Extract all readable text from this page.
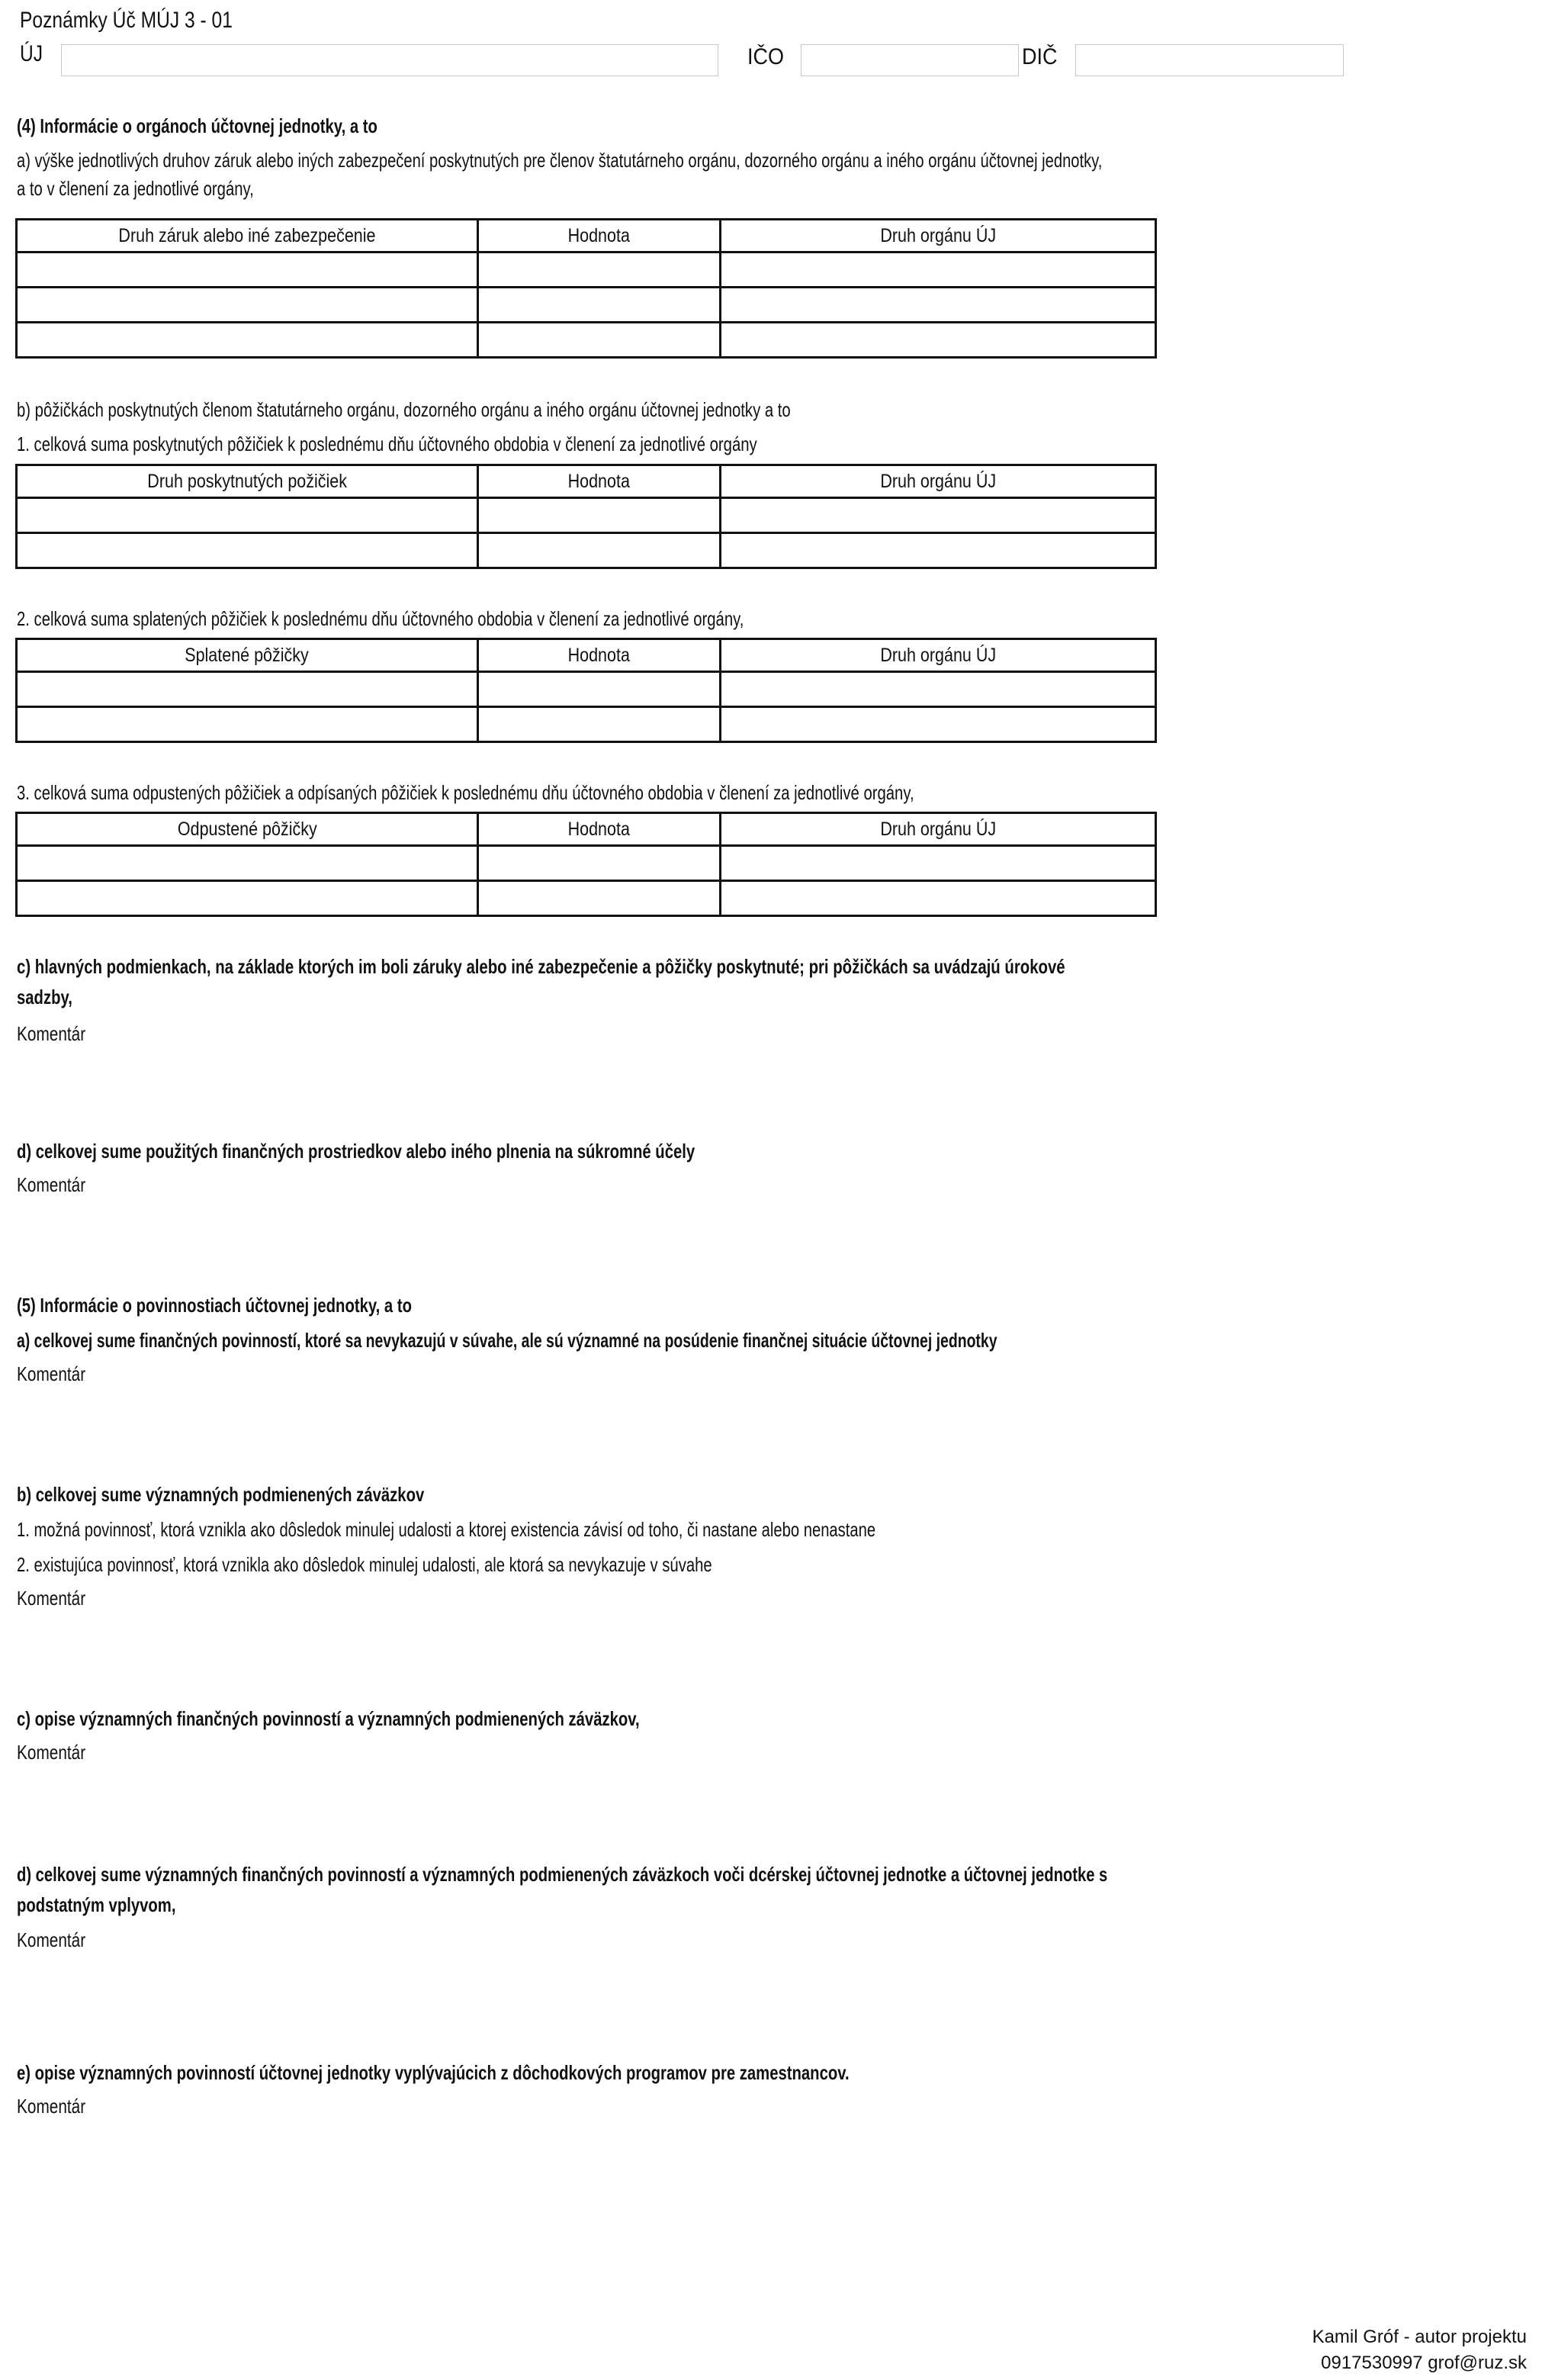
Poznámky Úč MÚJ 3 - 01
ÚJ	IČO	DIČ
(4) Informácie o orgánoch účtovnej jednotky, a to
a) výške jednotlivých druhov záruk alebo iných zabezpečení poskytnutých pre členov štatutárneho orgánu, dozorného orgánu a iného orgánu účtovnej jednotky,
a to v členení za jednotlivé orgány,
Druh záruk alebo iné zabezpečenie	Hodnota	Druh orgánu ÚJ

b) pôžičkách poskytnutých členom štatutárneho orgánu, dozorného orgánu a iného orgánu účtovnej jednotky a to
1. celková suma poskytnutých pôžičiek k poslednému dňu účtovného obdobia v členení za jednotlivé orgány
Druh poskytnutých požičiek	Hodnota	Druh orgánu ÚJ

2. celková suma splatených pôžičiek k poslednému dňu účtovného obdobia v členení za jednotlivé orgány,
Splatené pôžičky	Hodnota	Druh orgánu ÚJ

3. celková suma odpustených pôžičiek a odpísaných pôžičiek k poslednému dňu účtovného obdobia v členení za jednotlivé orgány,
Odpustené pôžičky	Hodnota	Druh orgánu ÚJ

c) hlavných podmienkach, na základe ktorých im boli záruky alebo iné zabezpečenie a pôžičky poskytnuté; pri pôžičkách sa uvádzajú úrokové
sadzby,
Komentár
d) celkovej sume použitých finančných prostriedkov alebo iného plnenia na súkromné účely
Komentár
(5) Informácie o povinnostiach účtovnej jednotky, a to
a) celkovej sume finančných povinností, ktoré sa nevykazujú v súvahe, ale sú významné na posúdenie finančnej situácie účtovnej jednotky
Komentár
b) celkovej sume významných podmienených záväzkov
1. možná povinnosť, ktorá vznikla ako dôsledok minulej udalosti a ktorej existencia závisí od toho, či nastane alebo nenastane
2. existujúca povinnosť, ktorá vznikla ako dôsledok minulej udalosti, ale ktorá sa nevykazuje v súvahe
Komentár
c) opise významných finančných povinností a významných podmienených záväzkov,
Komentár
d) celkovej sume významných finančných povinností a významných podmienených záväzkoch voči dcérskej účtovnej jednotke a účtovnej jednotke s
podstatným vplyvom,
Komentár
e) opise významných povinností účtovnej jednotky vyplývajúcich z dôchodkových programov pre zamestnancov.
Komentár
Kamil Gróf - autor projektu
0917530997 grof@ruz.sk
